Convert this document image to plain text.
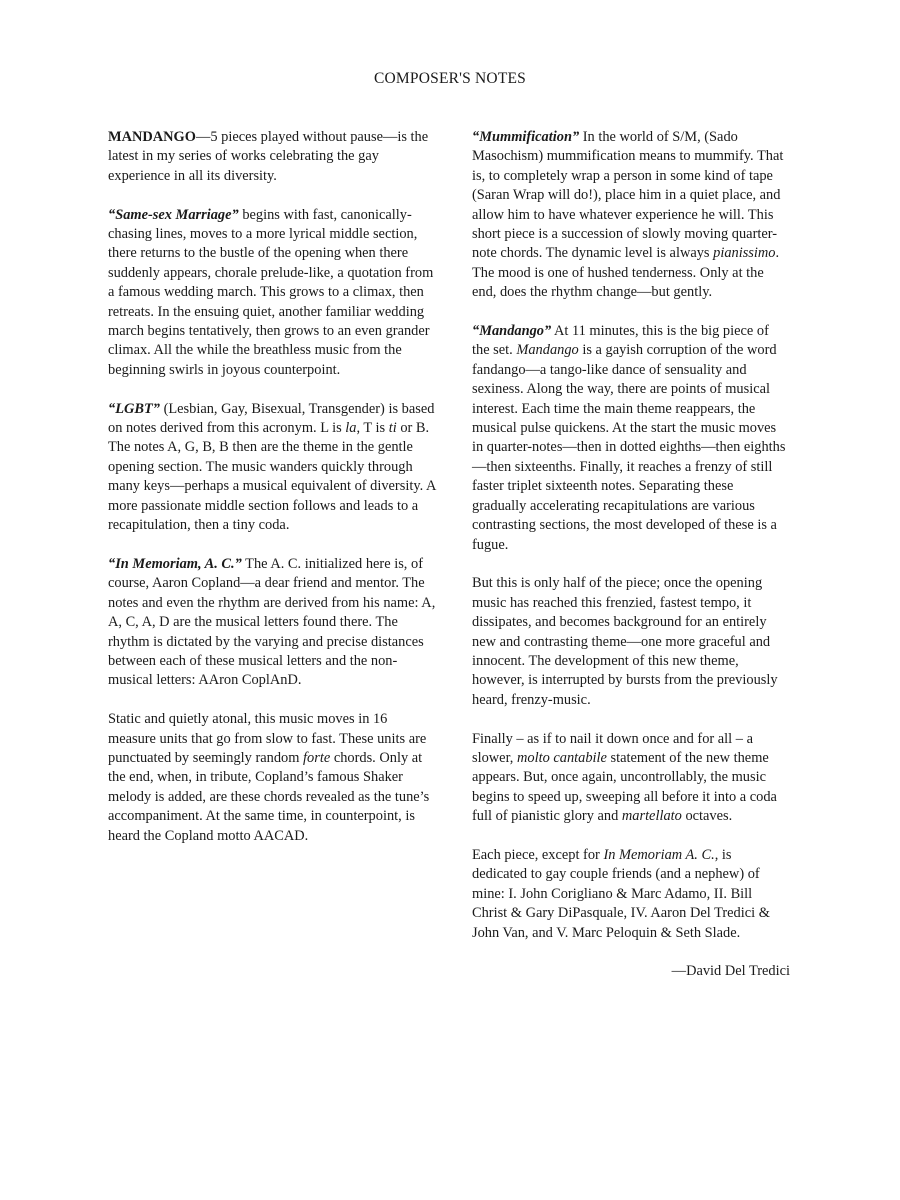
COMPOSER'S NOTES

MANDANGO—5 pieces played without pause—is the latest in my series of works celebrating the gay experience in all its diversity.

“Same-sex Marriage” begins with fast, canonically-chasing lines, moves to a more lyrical middle section, there returns to the bustle of the opening when there suddenly appears, chorale prelude-like, a quotation from a famous wedding march. This grows to a climax, then retreats. In the ensuing quiet, another familiar wedding march begins tentatively, then grows to an even grander climax. All the while the breathless music from the beginning swirls in joyous counterpoint.

“LGBT” (Lesbian, Gay, Bisexual, Transgender) is based on notes derived from this acronym. L is la, T is ti or B. The notes A, G, B, B then are the theme in the gentle opening section. The music wanders quickly through many keys—perhaps a musical equivalent of diversity. A more passionate middle section follows and leads to a recapitulation, then a tiny coda.

“In Memoriam, A. C.” The A. C. initialized here is, of course, Aaron Copland—a dear friend and mentor. The notes and even the rhythm are derived from his name: A, A, C, A, D are the musical letters found there. The rhythm is dictated by the varying and precise distances between each of these musical letters and the non-musical letters: AAron CoplAnD.

Static and quietly atonal, this music moves in 16 measure units that go from slow to fast. These units are punctuated by seemingly random forte chords. Only at the end, when, in tribute, Copland’s famous Shaker melody is added, are these chords revealed as the tune’s accompaniment. At the same time, in counterpoint, is heard the Copland motto AACAD.

“Mummification” In the world of S/M, (Sado Masochism) mummification means to mummify. That is, to completely wrap a person in some kind of tape (Saran Wrap will do!), place him in a quiet place, and allow him to have whatever experience he will. This short piece is a succession of slowly moving quarter-note chords. The dynamic level is always pianissimo. The mood is one of hushed tenderness. Only at the end, does the rhythm change—but gently.

“Mandango” At 11 minutes, this is the big piece of the set. Mandango is a gayish corruption of the word fandango—a tango-like dance of sensuality and sexiness. Along the way, there are points of musical interest. Each time the main theme reappears, the musical pulse quickens. At the start the music moves in quarter-notes—then in dotted eighths—then eighths—then sixteenths. Finally, it reaches a frenzy of still faster triplet sixteenth notes. Separating these gradually accelerating recapitulations are various contrasting sections, the most developed of these is a fugue.

But this is only half of the piece; once the opening music has reached this frenzied, fastest tempo, it dissipates, and becomes background for an entirely new and contrasting theme—one more graceful and innocent. The development of this new theme, however, is interrupted by bursts from the previously heard, frenzy-music.

Finally – as if to nail it down once and for all – a slower, molto cantabile statement of the new theme appears. But, once again, uncontrollably, the music begins to speed up, sweeping all before it into a coda full of pianistic glory and martellato octaves.

Each piece, except for In Memoriam A. C., is dedicated to gay couple friends (and a nephew) of mine: I. John Corigliano & Marc Adamo, II. Bill Christ & Gary DiPasquale, IV. Aaron Del Tredici & John Van, and V. Marc Peloquin & Seth Slade.

—David Del Tredici
